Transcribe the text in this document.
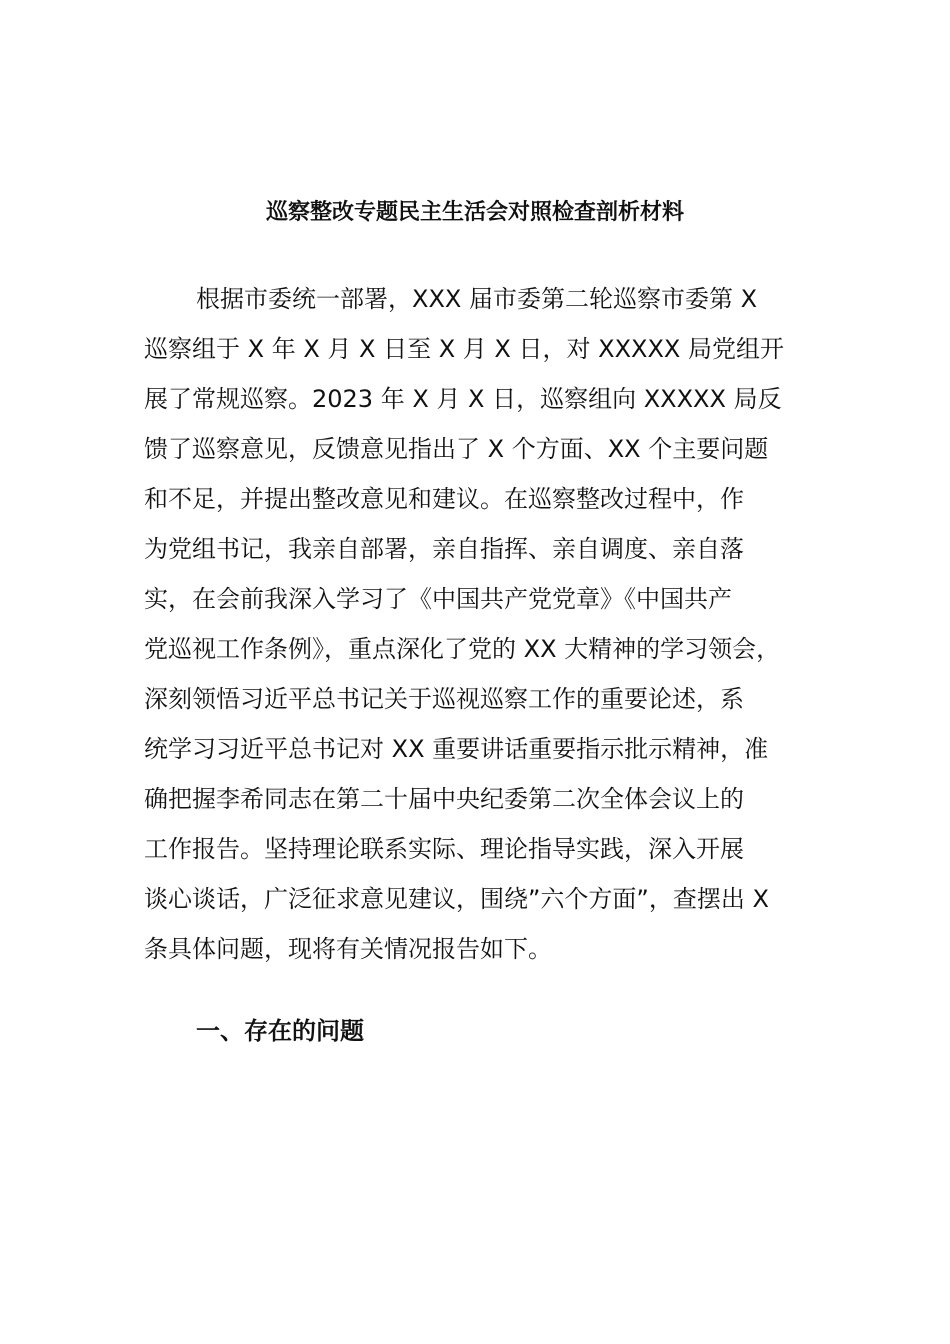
巡察整改专题民主生活会对照检查剖析材料
根据市委统一部署，XXX 届市委第二轮巡察市委第 X
巡察组于 X 年 X 月 X 日至 X 月 X 日，对 XXXXX 局党组开
展了常规巡察。2023 年 X 月 X 日，巡察组向 XXXXX 局反
馈了巡察意见，反馈意见指出了 X 个方面、XX 个主要问题
和不足，并提出整改意见和建议。在巡察整改过程中，作
为党组书记，我亲自部署，亲自指挥、亲自调度、亲自落
实，在会前我深入学习了《中国共产党党章》《中国共产
党巡视工作条例》，重点深化了党的 XX 大精神的学习领会，
深刻领悟习近平总书记关于巡视巡察工作的重要论述，系
统学习习近平总书记对 XX 重要讲话重要指示批示精神，准
确把握李希同志在第二十届中央纪委第二次全体会议上的
工作报告。坚持理论联系实际、理论指导实践，深入开展
谈心谈话，广泛征求意见建议，围绕”六个方面”，查摆出 X
条具体问题，现将有关情况报告如下。
一、存在的问题
